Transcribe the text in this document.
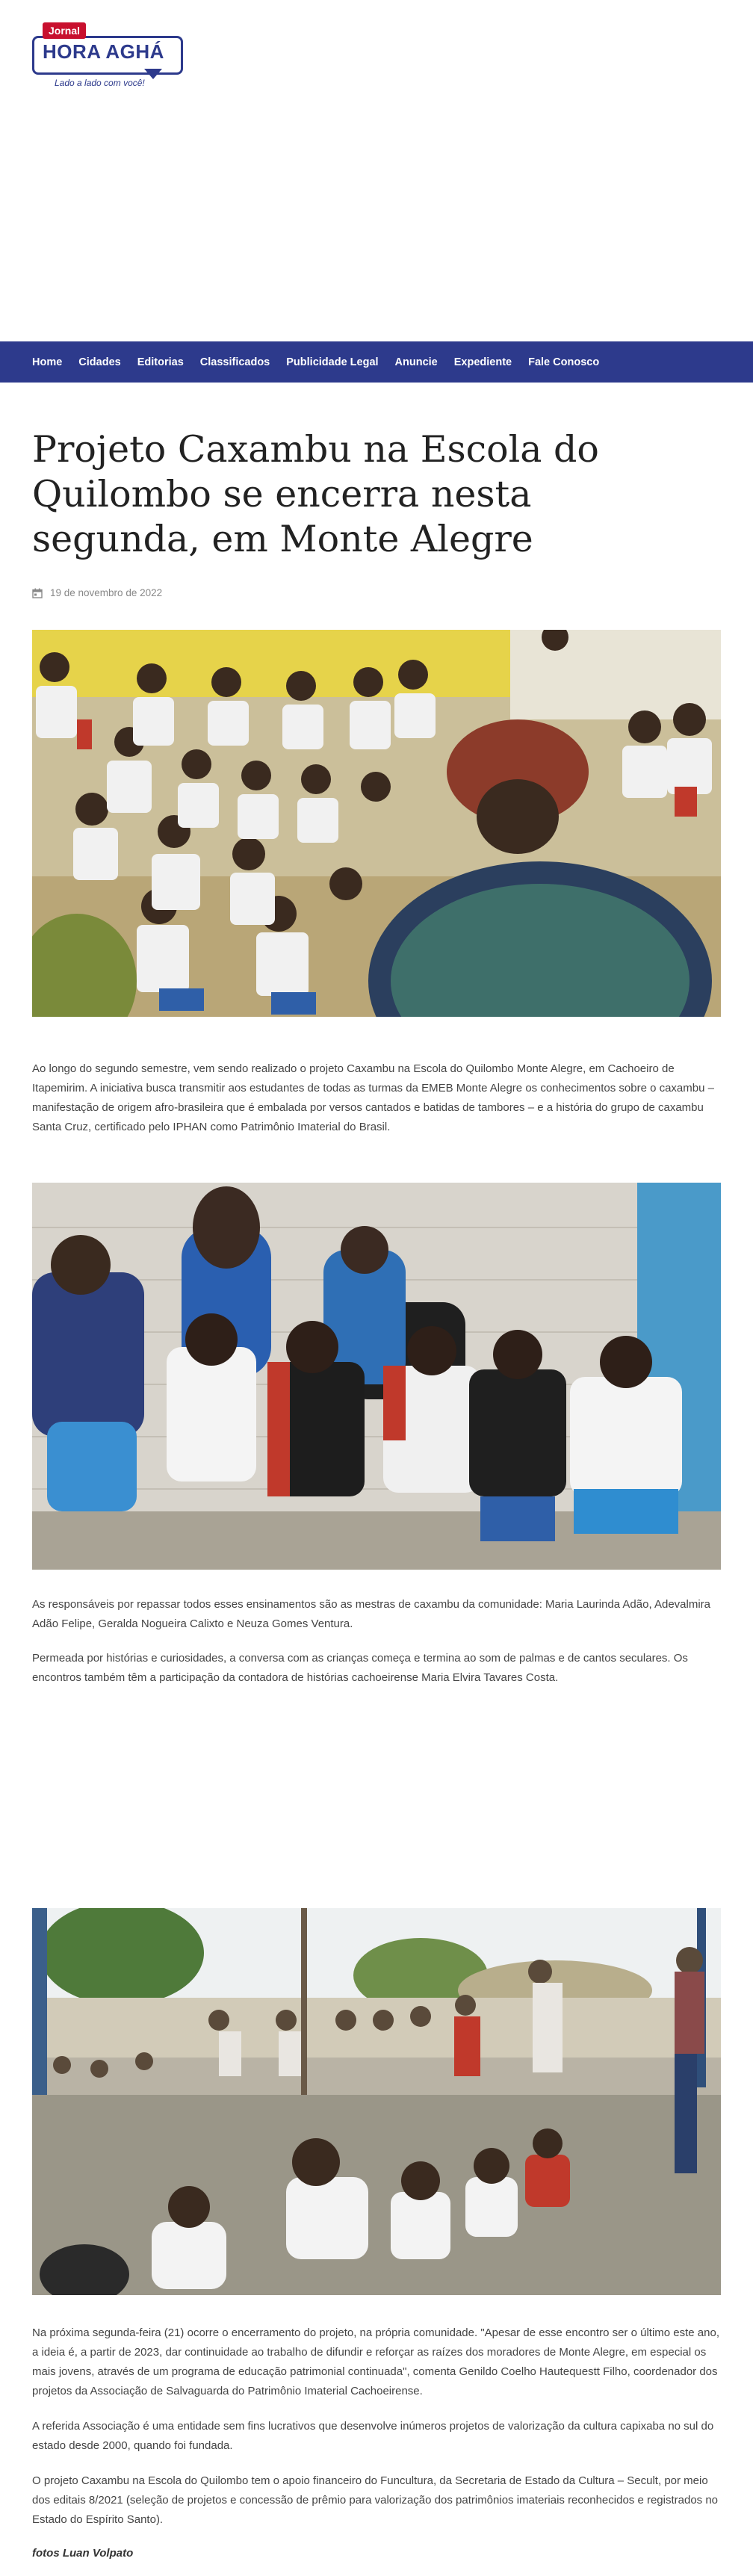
Jornal
HORA AGHÁ
Lado a lado com você!
Home Cidades Editorias Classificados Publicidade Legal Anuncie Expediente Fale Conosco
Projeto Caxambu na Escola do Quilombo se encerra nesta segunda, em Monte Alegre
19 de novembro de 2022

Ao longo do segundo semestre, vem sendo realizado o projeto Caxambu na Escola do Quilombo Monte Alegre, em Cachoeiro de Itapemirim. A iniciativa busca transmitir aos estudantes de todas as turmas da EMEB Monte Alegre os conhecimentos sobre o caxambu – manifestação de origem afro-brasileira que é embalada por versos cantados e batidas de tambores – e a história do grupo de caxambu Santa Cruz, certificado pelo IPHAN como Patrimônio Imaterial do Brasil.

As responsáveis por repassar todos esses ensinamentos são as mestras de caxambu da comunidade: Maria Laurinda Adão, Adevalmira Adão Felipe, Geralda Nogueira Calixto e Neuza Gomes Ventura.

Permeada por histórias e curiosidades, a conversa com as crianças começa e termina ao som de palmas e de cantos seculares. Os encontros também têm a participação da contadora de histórias cachoeirense Maria Elvira Tavares Costa.

Na próxima segunda-feira (21) ocorre o encerramento do projeto, na própria comunidade. "Apesar de esse encontro ser o último este ano, a ideia é, a partir de 2023, dar continuidade ao trabalho de difundir e reforçar as raízes dos moradores de Monte Alegre, em especial os mais jovens, através de um programa de educação patrimonial continuada", comenta Genildo Coelho Hautequestt Filho, coordenador dos projetos da Associação de Salvaguarda do Patrimônio Imaterial Cachoeirense.

A referida Associação é uma entidade sem fins lucrativos que desenvolve inúmeros projetos de valorização da cultura capixaba no sul do estado desde 2000, quando foi fundada.

O projeto Caxambu na Escola do Quilombo tem o apoio financeiro do Funcultura, da Secretaria de Estado da Cultura – Secult, por meio dos editais 8/2021 (seleção de projetos e concessão de prêmio para valorização dos patrimônios imateriais reconhecidos e registrados no Estado do Espírito Santo).

fotos Luan Volpato
